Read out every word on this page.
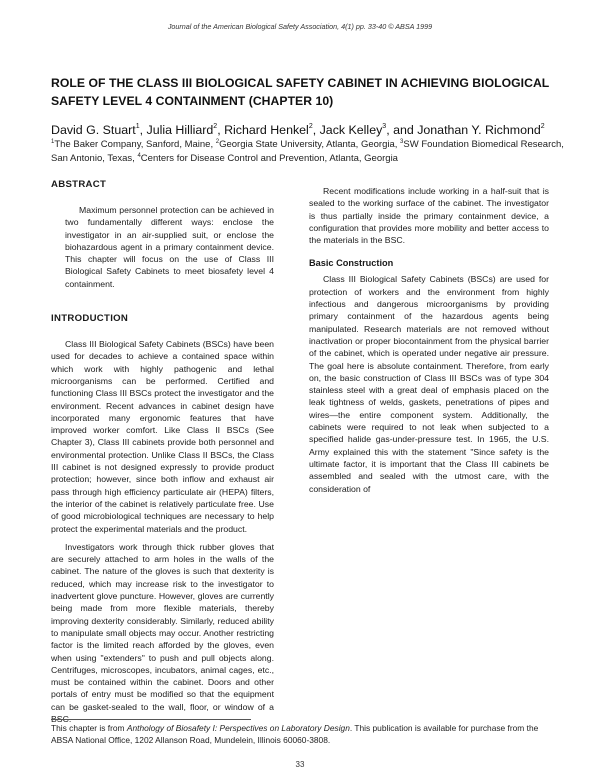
Journal of the American Biological Safety Association, 4(1) pp. 33-40 © ABSA 1999
ROLE OF THE CLASS III BIOLOGICAL SAFETY CABINET IN ACHIEVING BIOLOGICAL SAFETY LEVEL 4 CONTAINMENT (CHAPTER 10)
David G. Stuart$^1$, Julia Hilliard$^2$, Richard Henkel$^2$, Jack Kelley$^3$, and Jonathan Y. Richmond$^2$
$^1$The Baker Company, Sanford, Maine, $^2$Georgia State University, Atlanta, Georgia, $^3$SW Foundation Biomedical Research, San Antonio, Texas, $^4$Centers for Disease Control and Prevention, Atlanta, Georgia
ABSTRACT

Maximum personnel protection can be achieved in two fundamentally different ways: enclose the investigator in an air-supplied suit, or enclose the biohazardous agent in a primary containment device. This chapter will focus on the use of Class III Biological Safety Cabinets to meet biosafety level 4 containment.

INTRODUCTION

Class III Biological Safety Cabinets (BSCs) have been used for decades to achieve a contained space within which work with highly pathogenic and lethal microorganisms can be performed. Certified and functioning Class III BSCs protect the investigator and the environment. Recent advances in cabinet design have incorporated many ergonomic features that have improved worker comfort. Like Class II BSCs (See Chapter 3), Class III cabinets provide both personnel and environmental protection. Unlike Class II BSCs, the Class III cabinet is not designed expressly to provide product protection; however, since both inflow and exhaust air pass through high efficiency particulate air (HEPA) filters, the interior of the cabinet is relatively particulate free. Use of good microbiological techniques are necessary to help protect the experimental materials and the product.

Investigators work through thick rubber gloves that are securely attached to arm holes in the walls of the cabinet. The nature of the gloves is such that dexterity is reduced, which may increase risk to the investigator to inadvertent glove puncture. However, gloves are currently being made from more flexible materials, thereby improving dexterity considerably. Similarly, reduced ability to manipulate small objects may occur. Another restricting factor is the limited reach afforded by the gloves, even when using "extenders" to push and pull objects along. Centrifuges, microscopes, incubators, animal cages, etc., must be contained within the cabinet. Doors and other portals of entry must be modified so that the equipment can be gasket-sealed to the wall, floor, or window of a BSC.

Recent modifications include working in a half-suit that is sealed to the working surface of the cabinet. The investigator is thus partially inside the primary containment device, a configuration that provides more mobility and better access to the materials in the BSC.

Basic Construction

Class III Biological Safety Cabinets (BSCs) are used for protection of workers and the environment from highly infectious and dangerous microorganisms by providing primary containment of the hazardous agents being manipulated. Research materials are not removed without inactivation or proper biocontainment from the physical barrier of the cabinet, which is operated under negative air pressure. The goal here is absolute containment. Therefore, from early on, the basic construction of Class III BSCs was of type 304 stainless steel with a great deal of emphasis placed on the leak tightness of welds, gaskets, penetrations of pipes and wires—the entire component system. Additionally, the cabinets were required to not leak when subjected to a specified halide gas-under-pressure test. In 1965, the U.S. Army explained this with the statement "Since safety is the ultimate factor, it is important that the Class III cabinets be assembled and sealed with the utmost care, with the consideration of

This chapter is from Anthology of Biosafety I: Perspectives on Laboratory Design. This publication is available for purchase from the ABSA National Office, 1202 Allanson Road, Mundelein, Illinois 60060-3808.
33
